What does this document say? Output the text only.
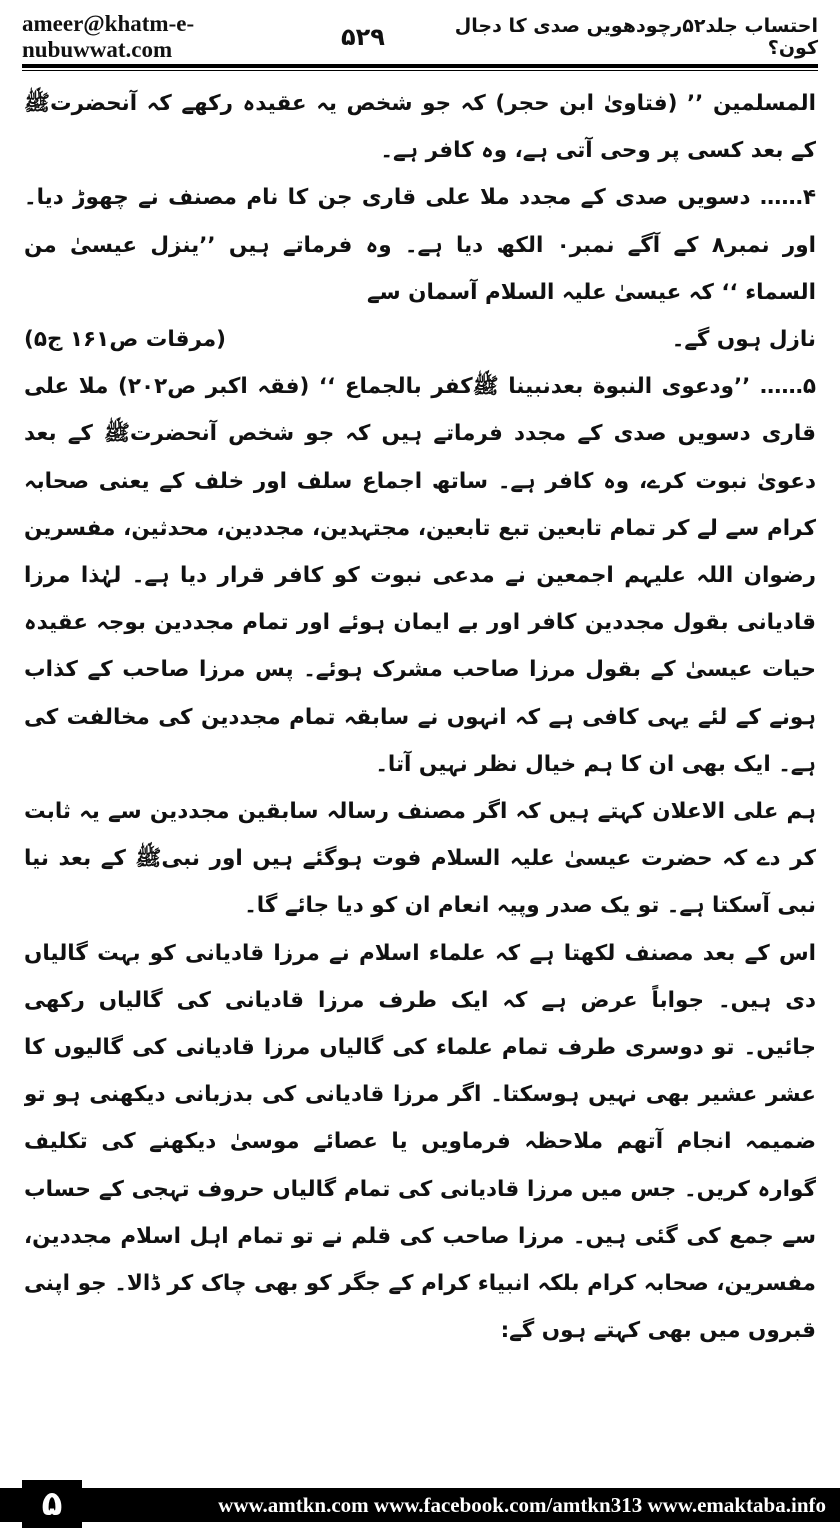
ameer@khatm-e-nubuwwat.com	۵۲۹	احتساب جلد۵۲رچودھویں صدی کا دجال کون؟

المسلمین ’’ (فتاویٰ ابن حجر) کہ جو شخص یہ عقیدہ رکھے کہ آنحضرتﷺ کے بعد کسی پر وحی آتی ہے، وہ کافر ہے۔

۴…… دسویں صدی کے مجدد ملا علی قاری جن کا نام مصنف نے چھوڑ دیا۔ اور نمبر۸ کے آگے نمبر۰ الکھ دیا ہے۔ وہ فرماتے ہیں ’’ینزل عیسیٰ من السماء ‘‘ کہ عیسیٰ علیہ السلام آسمان سے

نازل ہوں گے۔
(مرقات ص۱۶۱ ج۵)

۵…… ’’ودعوی النبوة بعدنبینا ﷺکفر بالجماع ‘‘ (فقہ اکبر ص۲۰۲) ملا علی قاری دسویں صدی کے مجدد فرماتے ہیں کہ جو شخص آنحضرتﷺ کے بعد دعویٰ نبوت کرے، وہ کافر ہے۔ ساتھ اجماع سلف اور خلف کے یعنی صحابہ کرام سے لے کر تمام تابعین تبع تابعین، مجتہدین، مجددین، محدثین، مفسرین رضوان اللہ علیہم اجمعین نے مدعی نبوت کو کافر قرار دیا ہے۔ لہٰذا مرزا قادیانی بقول مجددین کافر اور بے ایمان ہوئے اور تمام مجددین بوجہ عقیدہ حیات عیسیٰ کے بقول مرزا صاحب مشرک ہوئے۔ پس مرزا صاحب کے کذاب ہونے کے لئے یہی کافی ہے کہ انہوں نے سابقہ تمام مجددین کی مخالفت کی ہے۔ ایک بھی ان کا ہم خیال نظر نہیں آتا۔

ہم علی الاعلان کہتے ہیں کہ اگر مصنف رسالہ سابقین مجددین سے یہ ثابت کر دے کہ حضرت عیسیٰ علیہ السلام فوت ہوگئے ہیں اور نبیﷺ کے بعد نیا نبی آسکتا ہے۔ تو یک صدر وپیہ انعام ان کو دیا جائے گا۔

اس کے بعد مصنف لکھتا ہے کہ علماء اسلام نے مرزا قادیانی کو بہت گالیاں دی ہیں۔ جواباً عرض ہے کہ ایک طرف مرزا قادیانی کی گالیاں رکھی جائیں۔ تو دوسری طرف تمام علماء کی گالیاں مرزا قادیانی کی گالیوں کا عشر عشیر بھی نہیں ہوسکتا۔ اگر مرزا قادیانی کی بدزبانی دیکھنی ہو تو ضمیمہ انجام آتھم ملاحظہ فرماویں یا عصائے موسیٰ دیکھنے کی تکلیف گوارہ کریں۔ جس میں مرزا قادیانی کی تمام گالیاں حروف تہجی کے حساب سے جمع کی گئی ہیں۔ مرزا صاحب کی قلم نے تو تمام اہل اسلام مجددین، مفسرین، صحابہ کرام بلکہ انبیاء کرام کے جگر کو بھی چاک کر ڈالا۔ جو اپنی قبروں میں بھی کہتے ہوں گے:

۵	www.amtkn.com www.facebook.com/amtkn313 www.emaktaba.info
